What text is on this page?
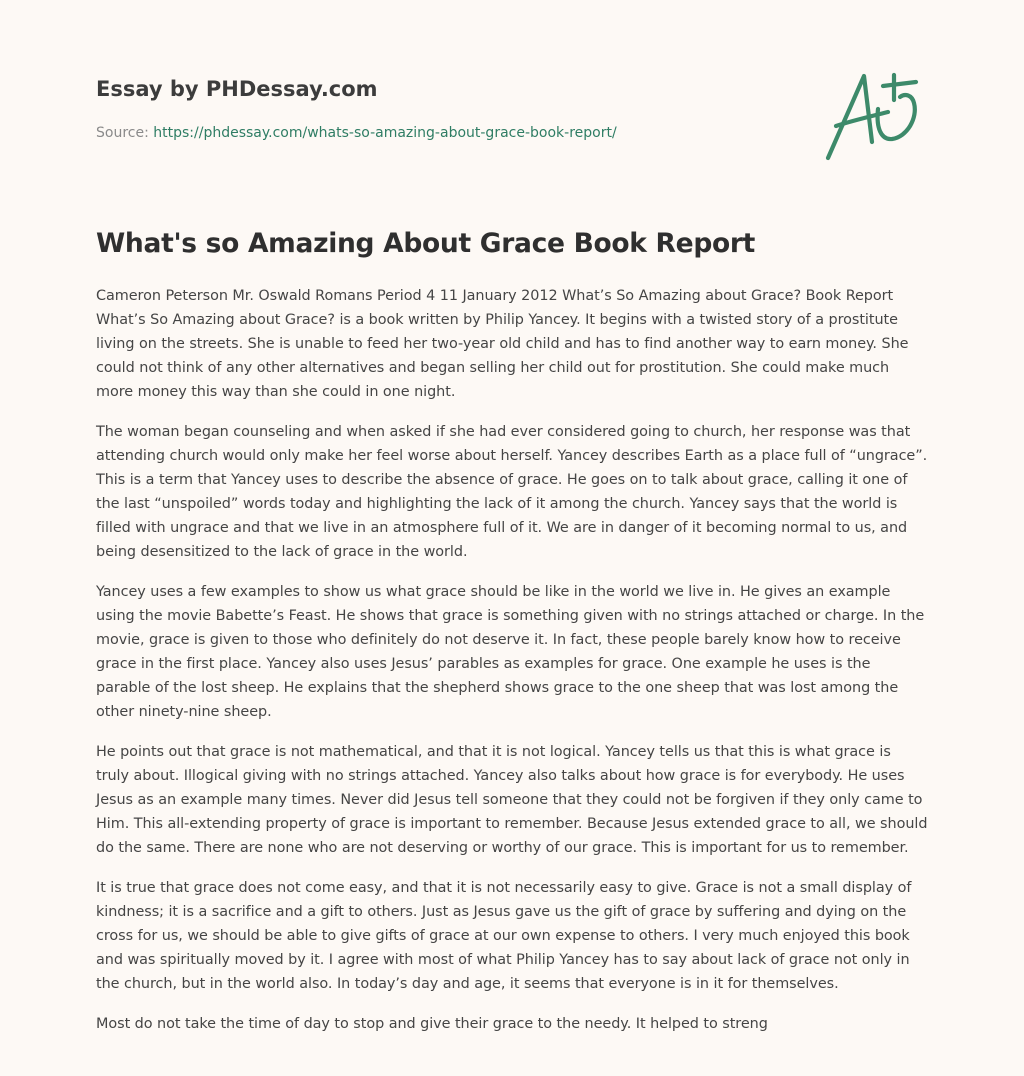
Essay by PHDessay.com
Source: https://phdessay.com/whats-so-amazing-about-grace-book-report/
What's so Amazing About Grace Book Report

Cameron Peterson Mr. Oswald Romans Period 4 11 January 2012 What’s So Amazing about Grace? Book Report What’s So Amazing about Grace? is a book written by Philip Yancey. It begins with a twisted story of a prostitute living on the streets. She is unable to feed her two-year old child and has to find another way to earn money. She could not think of any other alternatives and began selling her child out for prostitution. She could make much more money this way than she could in one night.

The woman began counseling and when asked if she had ever considered going to church, her response was that attending church would only make her feel worse about herself. Yancey describes Earth as a place full of “ungrace”. This is a term that Yancey uses to describe the absence of grace. He goes on to talk about grace, calling it one of the last “unspoiled” words today and highlighting the lack of it among the church. Yancey says that the world is filled with ungrace and that we live in an atmosphere full of it. We are in danger of it becoming normal to us, and being desensitized to the lack of grace in the world.

Yancey uses a few examples to show us what grace should be like in the world we live in. He gives an example using the movie Babette’s Feast. He shows that grace is something given with no strings attached or charge. In the movie, grace is given to those who definitely do not deserve it. In fact, these people barely know how to receive grace in the first place. Yancey also uses Jesus’ parables as examples for grace. One example he uses is the parable of the lost sheep. He explains that the shepherd shows grace to the one sheep that was lost among the other ninety-nine sheep.

He points out that grace is not mathematical, and that it is not logical. Yancey tells us that this is what grace is truly about. Illogical giving with no strings attached. Yancey also talks about how grace is for everybody. He uses Jesus as an example many times. Never did Jesus tell someone that they could not be forgiven if they only came to Him. This all-extending property of grace is important to remember. Because Jesus extended grace to all, we should do the same. There are none who are not deserving or worthy of our grace. This is important for us to remember.

It is true that grace does not come easy, and that it is not necessarily easy to give. Grace is not a small display of kindness; it is a sacrifice and a gift to others. Just as Jesus gave us the gift of grace by suffering and dying on the cross for us, we should be able to give gifts of grace at our own expense to others. I very much enjoyed this book and was spiritually moved by it. I agree with most of what Philip Yancey has to say about lack of grace not only in the church, but in the world also. In today’s day and age, it seems that everyone is in it for themselves.

Most do not take the time of day to stop and give their grace to the needy. It helped to streng
